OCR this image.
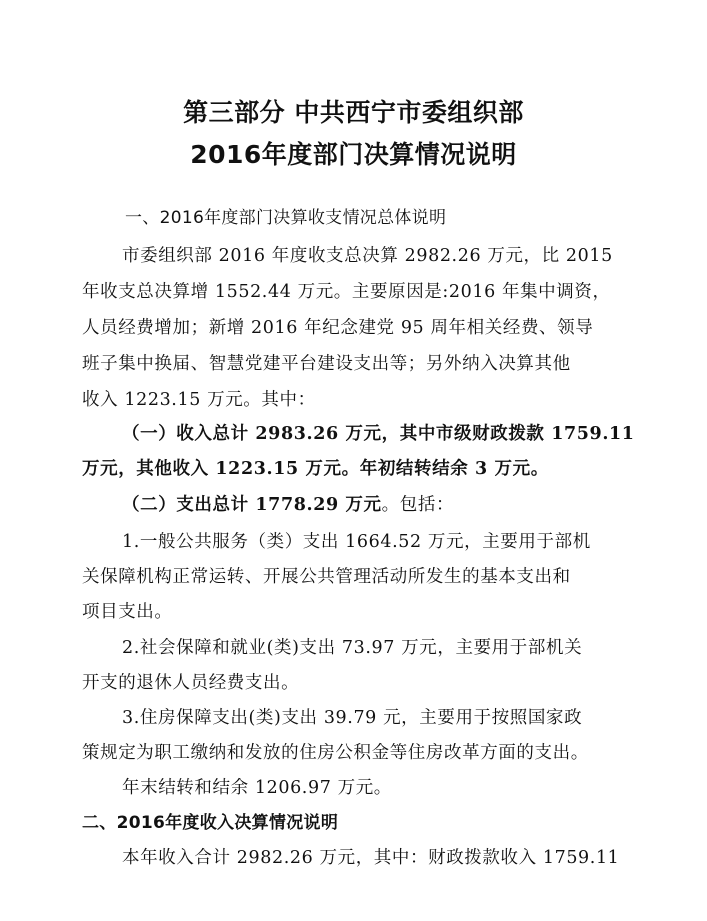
第三部分 中共西宁市委组织部
2016年度部门决算情况说明
一、2016年度部门决算收支情况总体说明
市委组织部 2016 年度收支总决算 2982.26 万元，比 2015
年收支总决算增 1552.44 万元。主要原因是:2016 年集中调资，
人员经费增加；新增 2016 年纪念建党 95 周年相关经费、领导
班子集中换届、智慧党建平台建设支出等；另外纳入决算其他
收入 1223.15 万元。其中：
（一）收入总计 2983.26 万元，其中市级财政拨款 1759.11
万元，其他收入 1223.15 万元。年初结转结余 3 万元。
（二）支出总计 1778.29 万元。包括：
1.一般公共服务（类）支出 1664.52 万元，主要用于部机
关保障机构正常运转、开展公共管理活动所发生的基本支出和
项目支出。
2.社会保障和就业(类)支出 73.97 万元，主要用于部机关
开支的退休人员经费支出。
3.住房保障支出(类)支出 39.79 元，主要用于按照国家政
策规定为职工缴纳和发放的住房公积金等住房改革方面的支出。
年末结转和结余 1206.97 万元。
二、2016年度收入决算情况说明
本年收入合计 2982.26 万元，其中：财政拨款收入 1759.11
